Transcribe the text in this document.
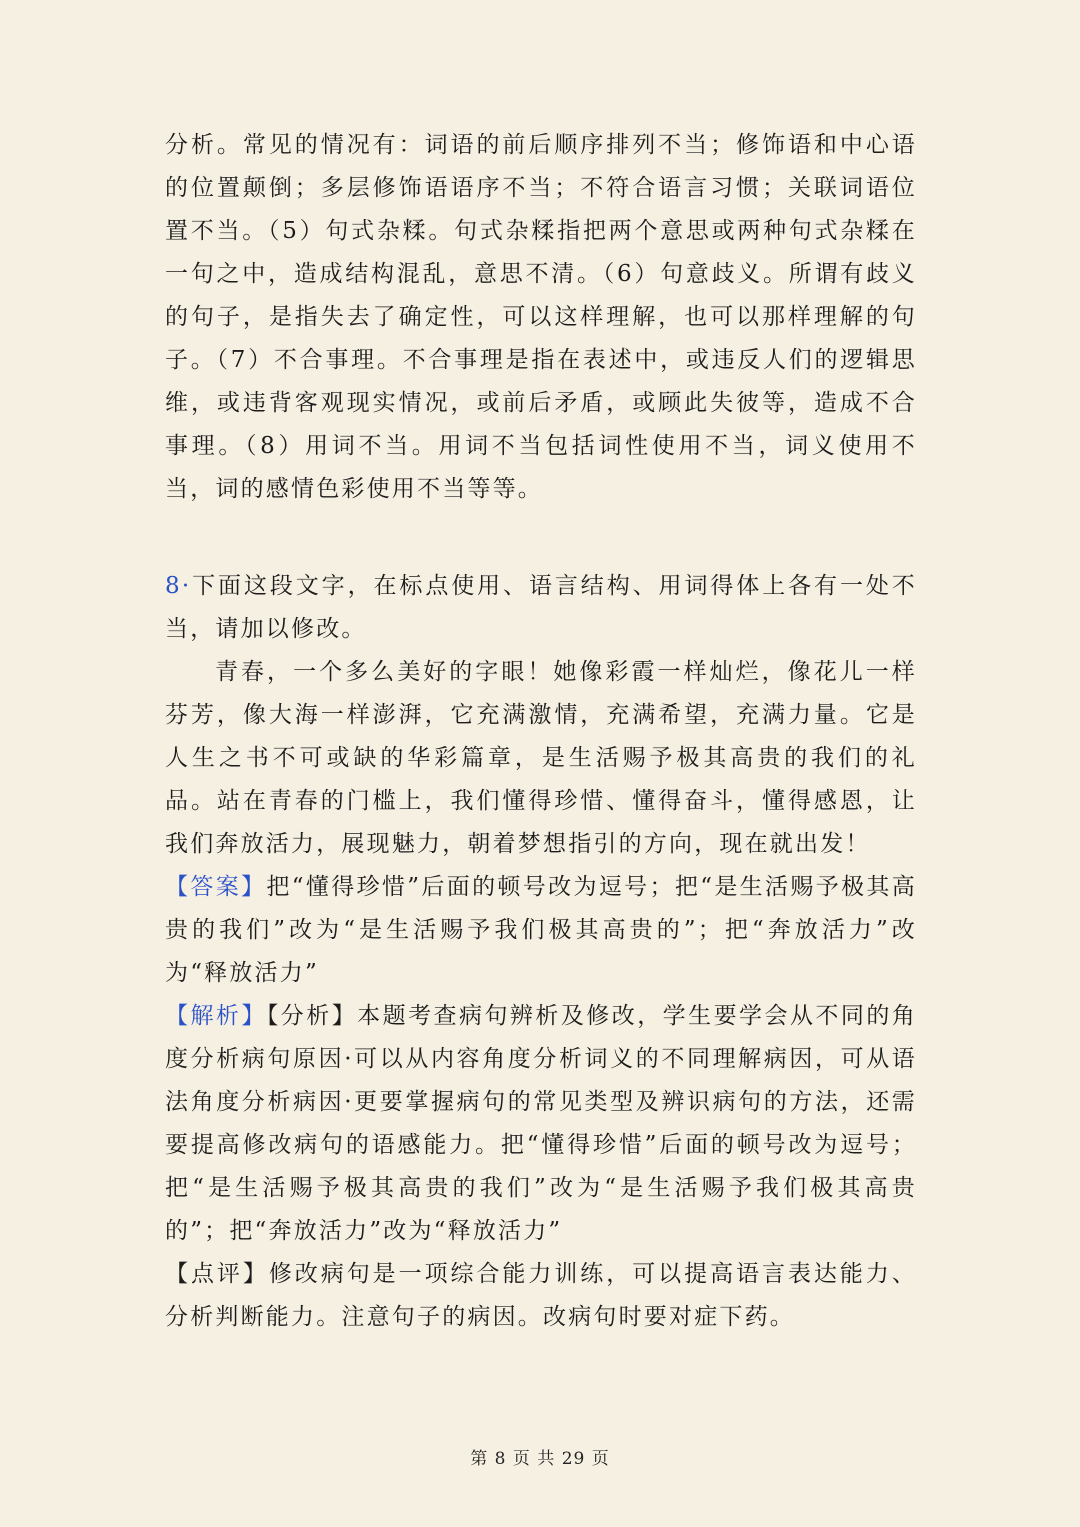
分析。常见的情况有：词语的前后顺序排列不当；修饰语和中心语的位置颠倒；多层修饰语语序不当；不符合语言习惯；关联词语位置不当。（5）句式杂糅。句式杂糅指把两个意思或两种句式杂糅在一句之中，造成结构混乱，意思不清。（6）句意歧义。所谓有歧义的句子，是指失去了确定性，可以这样理解，也可以那样理解的句子。（7）不合事理。不合事理是指在表述中，或违反人们的逻辑思维，或违背客观现实情况，或前后矛盾，或顾此失彼等，造成不合事理。（8）用词不当。用词不当包括词性使用不当，词义使用不当，词的感情色彩使用不当等等。

8·下面这段文字，在标点使用、语言结构、用词得体上各有一处不当，请加以修改。

青春，一个多么美好的字眼！她像彩霞一样灿烂，像花儿一样芬芳，像大海一样澎湃，它充满激情，充满希望，充满力量。它是人生之书不可或缺的华彩篇章，是生活赐予极其高贵的我们的礼品。站在青春的门槛上，我们懂得珍惜、懂得奋斗，懂得感恩，让我们奔放活力，展现魅力，朝着梦想指引的方向，现在就出发！

【答案】把“懂得珍惜”后面的顿号改为逗号；把“是生活赐予极其高贵的我们”改为“是生活赐予我们极其高贵的”；把“奔放活力”改为“释放活力”

【解析】【分析】本题考查病句辨析及修改，学生要学会从不同的角度分析病句原因·可以从内容角度分析词义的不同理解病因，可从语法角度分析病因·更要掌握病句的常见类型及辨识病句的方法，还需要提高修改病句的语感能力。把“懂得珍惜”后面的顿号改为逗号；把“是生活赐予极其高贵的我们”改为“是生活赐予我们极其高贵的”；把“奔放活力”改为“释放活力”

【点评】修改病句是一项综合能力训练，可以提高语言表达能力、分析判断能力。注意句子的病因。改病句时要对症下药。

第 8 页 共 29 页
